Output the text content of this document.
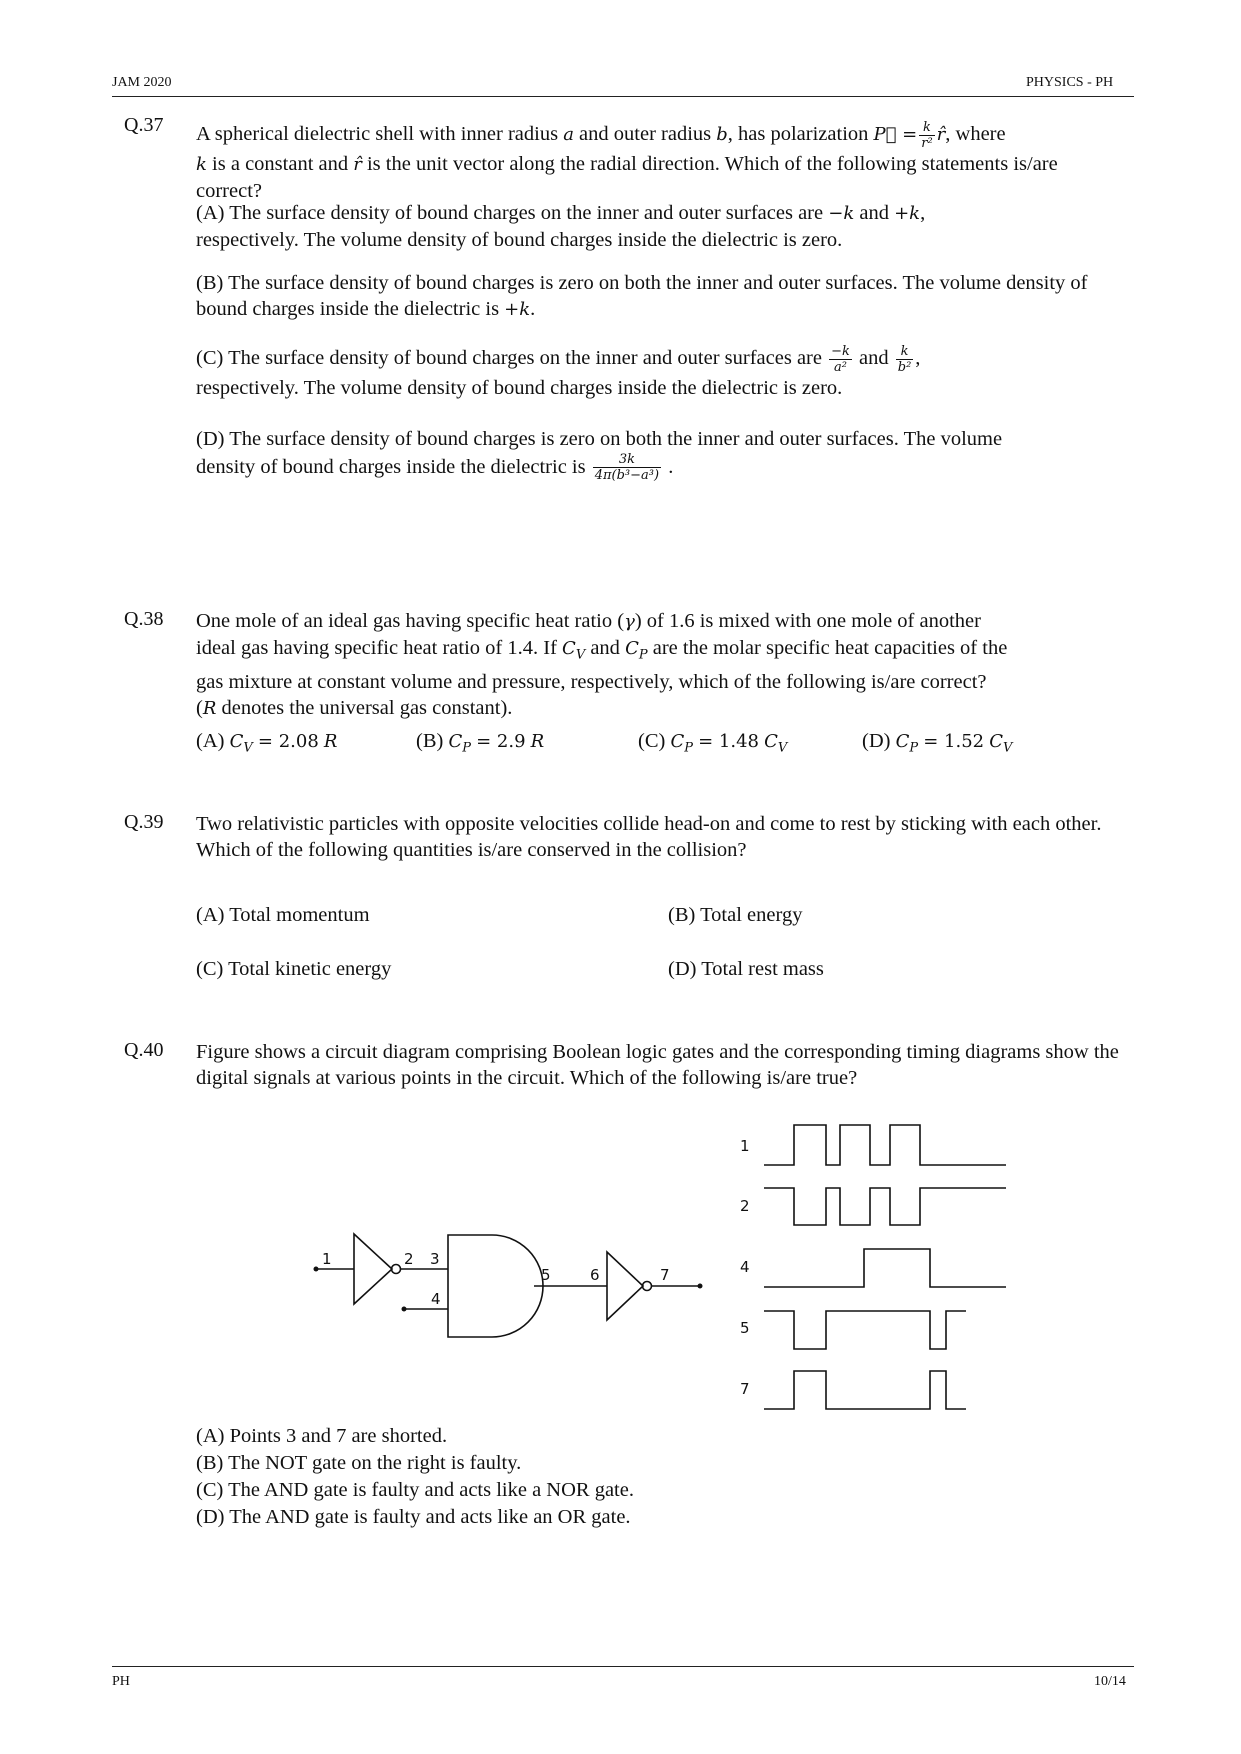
JAM 2020	PHYSICS - PH
Q.37 A spherical dielectric shell with inner radius a and outer radius b, has polarization P⃗ = $\frac{k}{\text{r²}}$ r̂, where
k is a constant and r̂ is the unit vector along the radial direction. Which of the following statements is/are correct?
(A) The surface density of bound charges on the inner and outer surfaces are −k and +k,
respectively. The volume density of bound charges inside the dielectric is zero.
(B) The surface density of bound charges is zero on both the inner and outer surfaces. The volume density of bound charges inside the dielectric is +k.
(C) The surface density of bound charges on the inner and outer surfaces are $\frac{-k}{\text{a²}}$ and $\frac{k}{\text{b²}}$ ,
respectively. The volume density of bound charges inside the dielectric is zero.
(D) The surface density of bound charges is zero on both the inner and outer surfaces. The volume
density of bound charges inside the dielectric is $\frac{3k}{\text{4π(b³−a³)}}$ .
Q.38 One mole of an ideal gas having specific heat ratio (γ) of 1.6 is mixed with one mole of another
ideal gas having specific heat ratio of 1.4. If $C_V$ and $C_P$ are the molar specific heat capacities of the
gas mixture at constant volume and pressure, respectively, which of the following is/are correct?
(R denotes the universal gas constant).
(A) $C_V = 2.08$ R	(B) $C_P = 2.9$ R	(C) $C_P = 1.48$ $C_V$	(D) $C_P = 1.52$ $C_V$
Q.39 Two relativistic particles with opposite velocities collide head-on and come to rest by sticking with each other. Which of the following quantities is/are conserved in the collision?
(A) Total momentum	(B) Total energy
(C) Total kinetic energy	(D) Total rest mass
Q.40 Figure shows a circuit diagram comprising Boolean logic gates and the corresponding timing diagrams show the digital signals at various points in the circuit. Which of the following is/are true?
1	2 3
4
5	6	7
1
2
4
5
7
(A) Points 3 and 7 are shorted.
(B) The NOT gate on the right is faulty.
(C) The AND gate is faulty and acts like a NOR gate.
(D) The AND gate is faulty and acts like an OR gate.
PH	10/14
